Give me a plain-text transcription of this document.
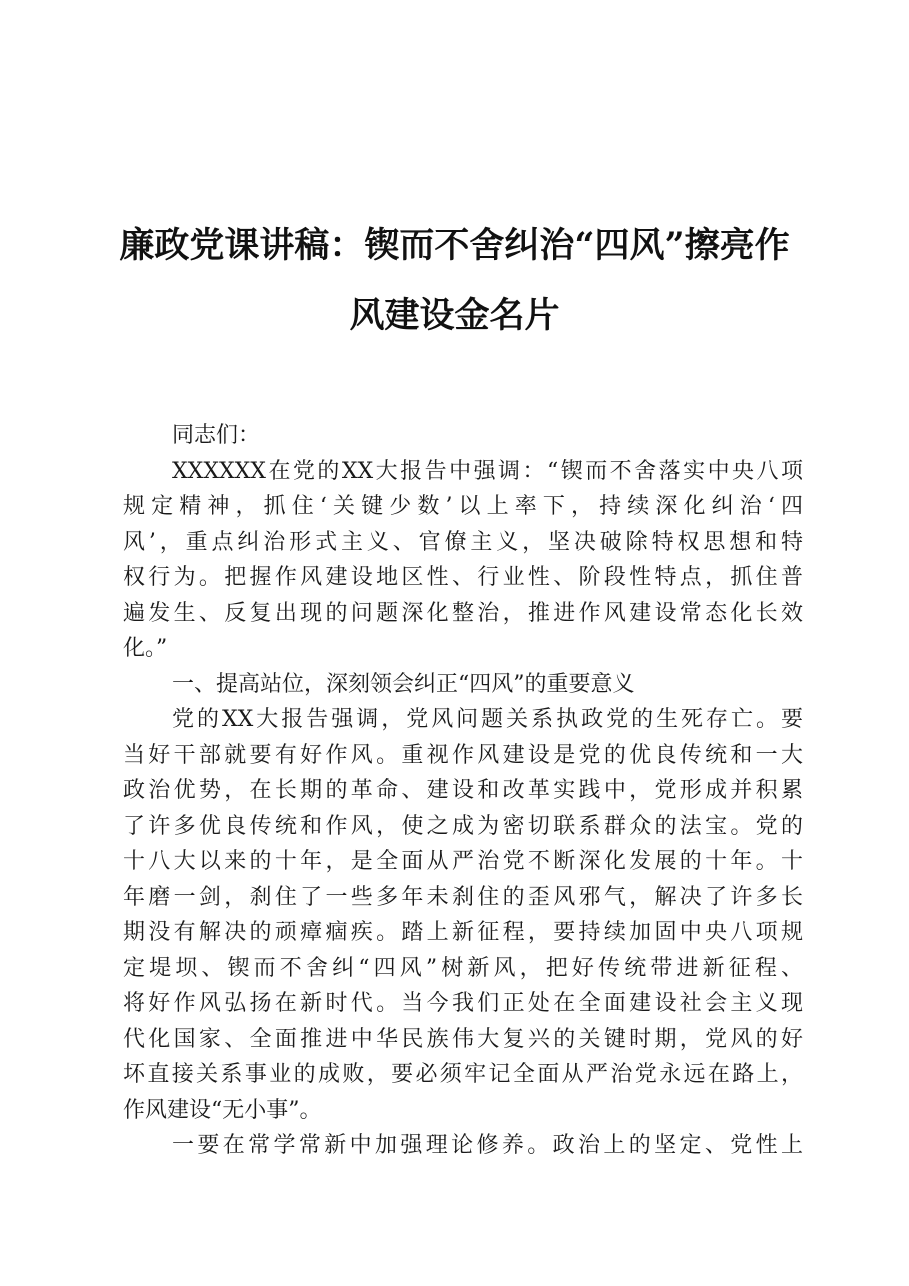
廉政党课讲稿：锲而不舍纠治“四风”擦亮作
风建设金名片
同志们：
XXXXXX在党的XX大报告中强调：“锲而不舍落实中央八项
规定精神，抓住‘关键少数’以上率下，持续深化纠治‘四
风’，重点纠治形式主义、官僚主义，坚决破除特权思想和特
权行为。把握作风建设地区性、行业性、阶段性特点，抓住普
遍发生、反复出现的问题深化整治，推进作风建设常态化长效
化。”
一、提高站位，深刻领会纠正“四风”的重要意义
党的XX大报告强调，党风问题关系执政党的生死存亡。要
当好干部就要有好作风。重视作风建设是党的优良传统和一大
政治优势，在长期的革命、建设和改革实践中，党形成并积累
了许多优良传统和作风，使之成为密切联系群众的法宝。党的
十八大以来的十年，是全面从严治党不断深化发展的十年。十
年磨一剑，刹住了一些多年未刹住的歪风邪气，解决了许多长
期没有解决的顽瘴痼疾。踏上新征程，要持续加固中央八项规
定堤坝、锲而不舍纠“四风”树新风，把好传统带进新征程、
将好作风弘扬在新时代。当今我们正处在全面建设社会主义现
代化国家、全面推进中华民族伟大复兴的关键时期，党风的好
坏直接关系事业的成败，要必须牢记全面从严治党永远在路上，
作风建设“无小事”。
一要在常学常新中加强理论修养。政治上的坚定、党性上
